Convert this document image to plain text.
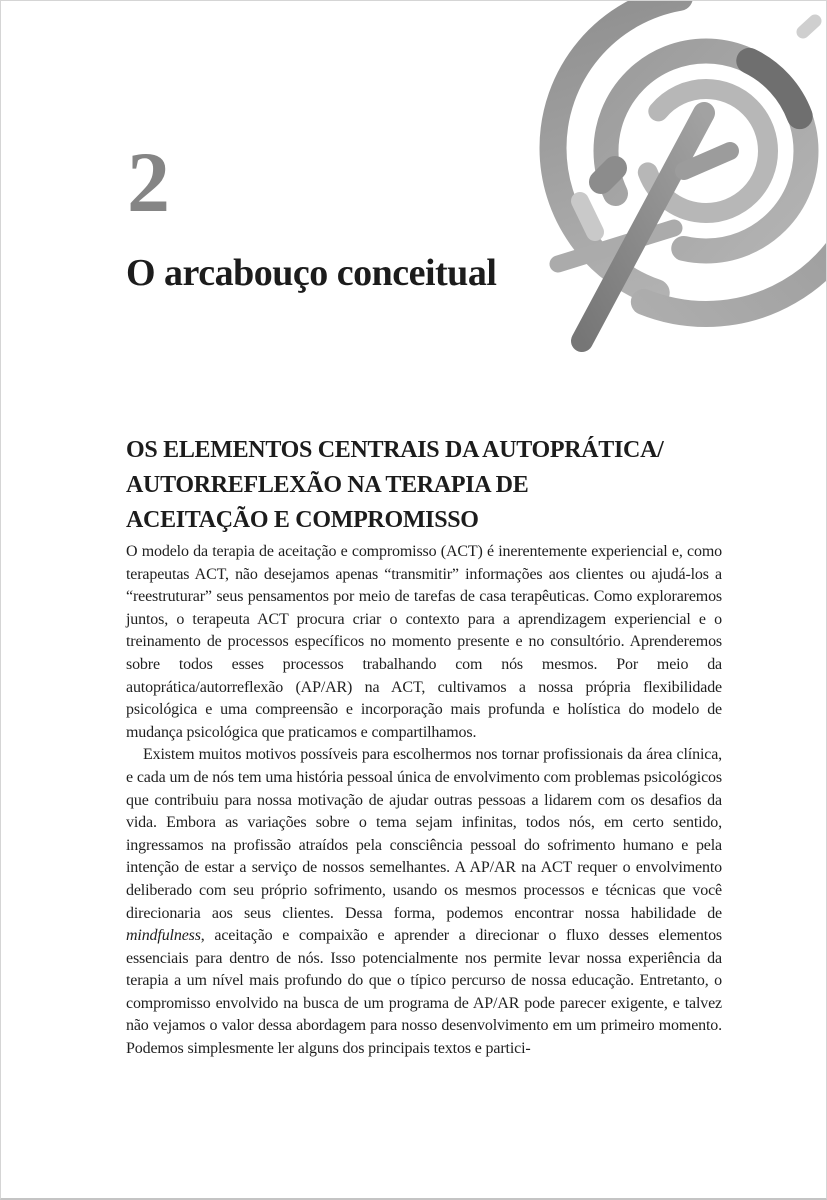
2
O arcabouço conceitual
OS ELEMENTOS CENTRAIS DA AUTOPRÁTICA/
AUTORREFLEXÃO NA TERAPIA DE
ACEITAÇÃO E COMPROMISSO

O modelo da terapia de aceitação e compromisso (ACT) é inerentemente experiencial e, como terapeutas ACT, não desejamos apenas “transmitir” informações aos clientes ou ajudá-los a “reestruturar” seus pensamentos por meio de tarefas de casa terapêuticas. Como exploraremos juntos, o terapeuta ACT procura criar o contexto para a aprendizagem experiencial e o treinamento de processos específicos no momento presente e no consultório. Aprenderemos sobre todos esses processos trabalhando com nós mesmos. Por meio da autoprática/autorreflexão (AP/AR) na ACT, cultivamos a nossa própria flexibilidade psicológica e uma compreensão e incorporação mais profunda e holística do modelo de mudança psicológica que praticamos e compartilhamos.

Existem muitos motivos possíveis para escolhermos nos tornar profissionais da área clínica, e cada um de nós tem uma história pessoal única de envolvimento com problemas psicológicos que contribuiu para nossa motivação de ajudar outras pessoas a lidarem com os desafios da vida. Embora as variações sobre o tema sejam infinitas, todos nós, em certo sentido, ingressamos na profissão atraídos pela consciência pessoal do sofrimento humano e pela intenção de estar a serviço de nossos semelhantes. A AP/AR na ACT requer o envolvimento deliberado com seu próprio sofrimento, usando os mesmos processos e técnicas que você direcionaria aos seus clientes. Dessa forma, podemos encontrar nossa habilidade de mindfulness, aceitação e compaixão e aprender a direcionar o fluxo desses elementos essenciais para dentro de nós. Isso potencialmente nos permite levar nossa experiência da terapia a um nível mais profundo do que o típico percurso de nossa educação. Entretanto, o compromisso envolvido na busca de um programa de AP/AR pode parecer exigente, e talvez não vejamos o valor dessa abordagem para nosso desenvolvimento em um primeiro momento. Podemos simplesmente ler alguns dos principais textos e partici-
